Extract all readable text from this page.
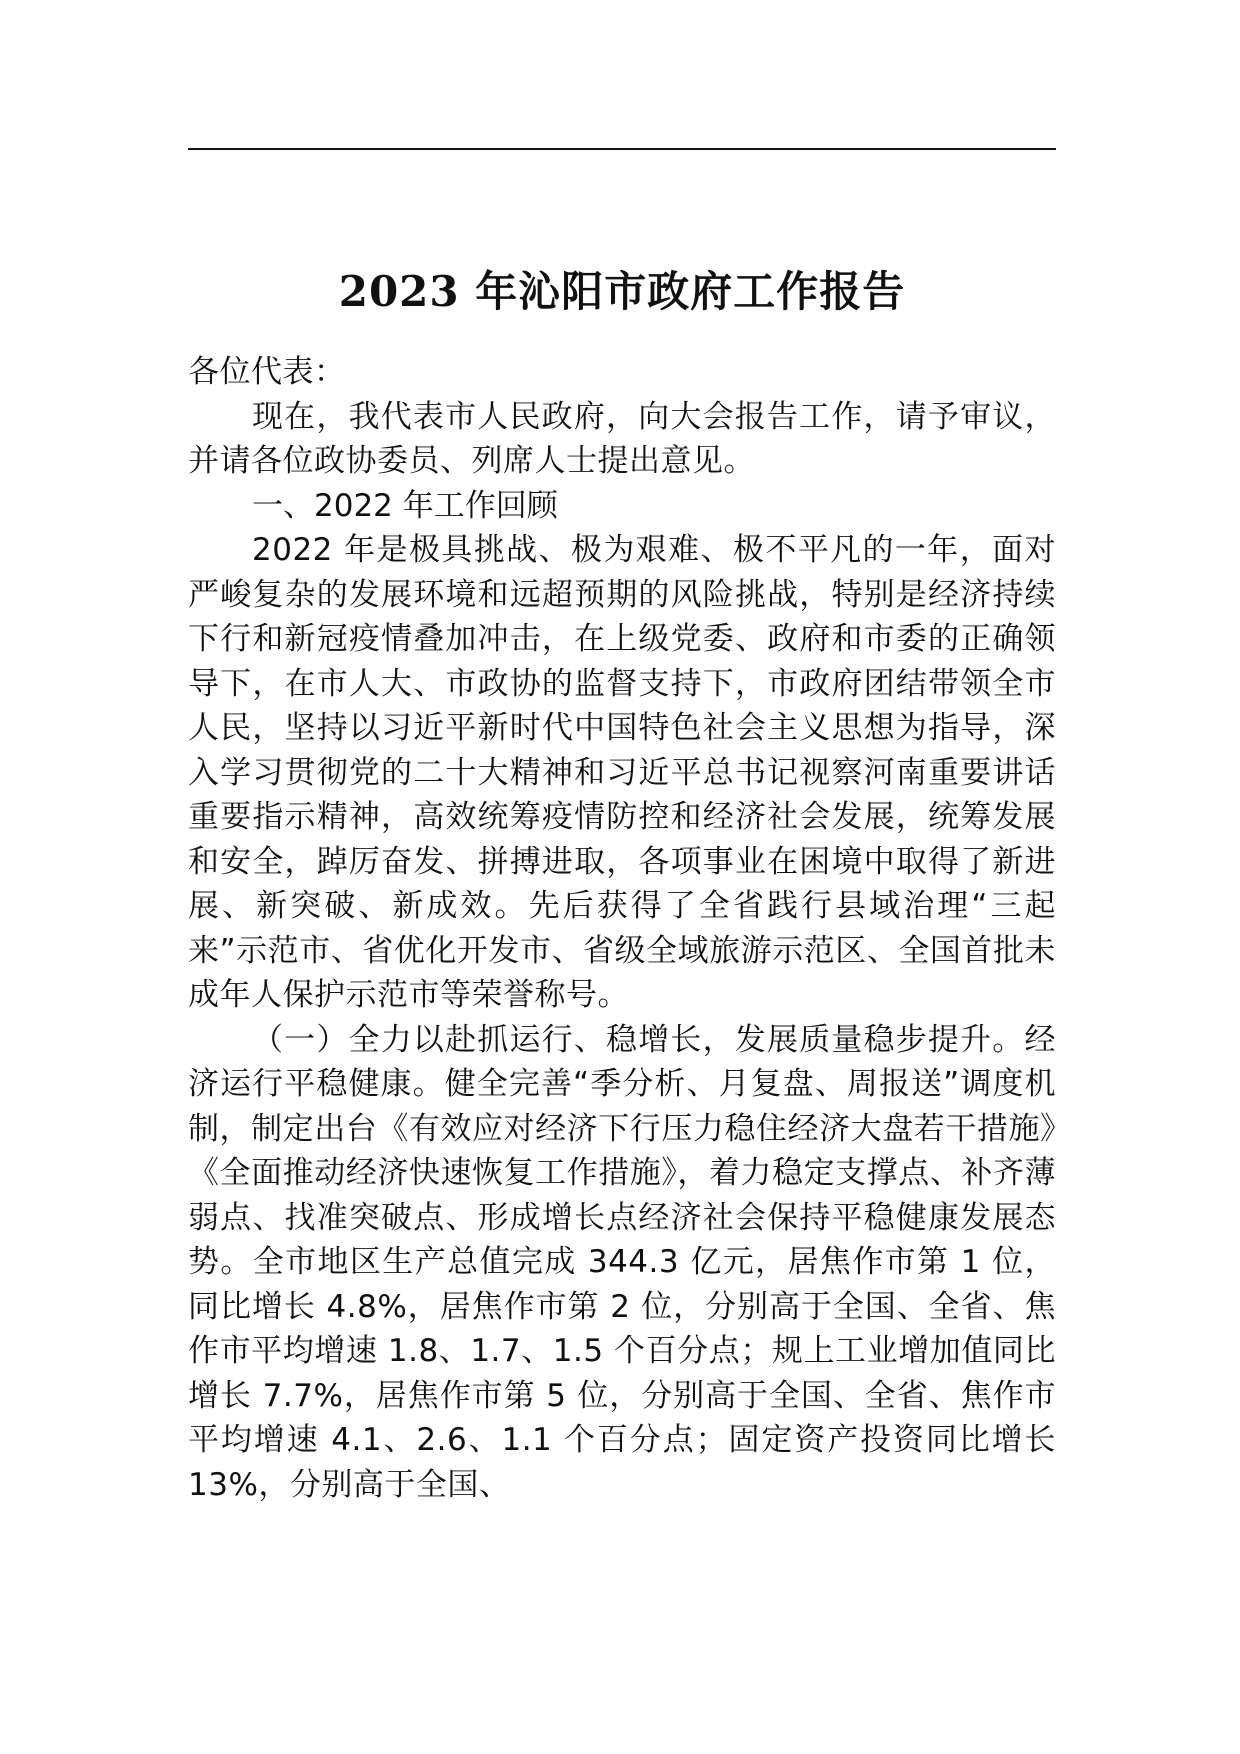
2023 年沁阳市政府工作报告

各位代表：

现在，我代表市人民政府，向大会报告工作，请予审议，并请各位政协委员、列席人士提出意见。

一、2022 年工作回顾

2022 年是极具挑战、极为艰难、极不平凡的一年，面对严峻复杂的发展环境和远超预期的风险挑战，特别是经济持续下行和新冠疫情叠加冲击，在上级党委、政府和市委的正确领导下，在市人大、市政协的监督支持下，市政府团结带领全市人民，坚持以习近平新时代中国特色社会主义思想为指导，深入学习贯彻党的二十大精神和习近平总书记视察河南重要讲话重要指示精神，高效统筹疫情防控和经济社会发展，统筹发展和安全，踔厉奋发、拼搏进取，各项事业在困境中取得了新进展、新突破、新成效。先后获得了全省践行县域治理“三起来”示范市、省优化开发市、省级全域旅游示范区、全国首批未成年人保护示范市等荣誉称号。

（一）全力以赴抓运行、稳增长，发展质量稳步提升。经济运行平稳健康。健全完善“季分析、月复盘、周报送”调度机制，制定出台《有效应对经济下行压力稳住经济大盘若干措施》《全面推动经济快速恢复工作措施》，着力稳定支撑点、补齐薄弱点、找准突破点、形成增长点经济社会保持平稳健康发展态势。全市地区生产总值完成 344.3 亿元，居焦作市第 1 位，同比增长 4.8%，居焦作市第 2 位，分别高于全国、全省、焦作市平均增速 1.8、1.7、1.5 个百分点；规上工业增加值同比增长 7.7%，居焦作市第 5 位，分别高于全国、全省、焦作市平均增速 4.1、2.6、1.1 个百分点；固定资产投资同比增长 13%，分别高于全国、
